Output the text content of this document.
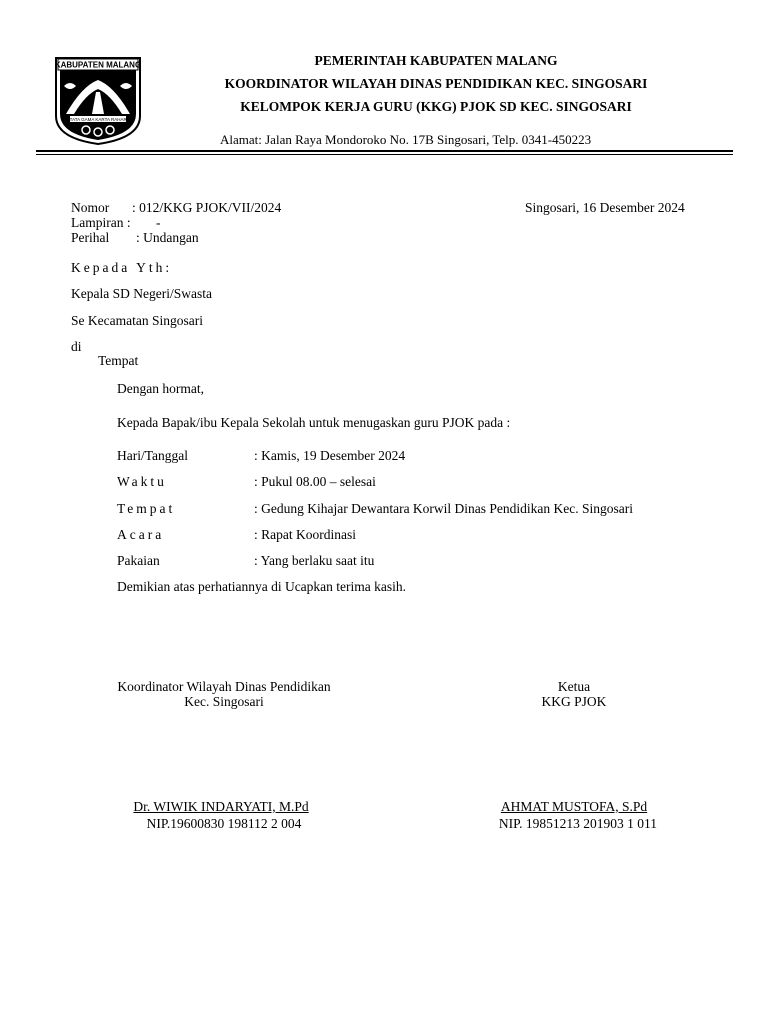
KABUPATEN MALANG
SATATA GAMA KARTA RAHARJA
PEMERINTAH KABUPATEN MALANG
KOORDINATOR WILAYAH DINAS PENDIDIKAN KEC. SINGOSARI
KELOMPOK KERJA GURU (KKG) PJOK SD KEC. SINGOSARI
Alamat: Jalan Raya Mondoroko No. 17B Singosari, Telp. 0341-450223
Nomor : 012/KKG PJOK/VII/2024
Lampiran : -
Perihal : Undangan
Singosari, 16 Desember 2024
Kepada Yth:
Kepala SD Negeri/Swasta
Se Kecamatan Singosari
di
Tempat
Dengan hormat,
Kepada Bapak/ibu Kepala Sekolah untuk menugaskan guru PJOK pada :
Hari/Tanggal	: Kamis, 19 Desember 2024
Waktu	: Pukul 08.00 – selesai
Tempat	: Gedung Kihajar Dewantara Korwil Dinas Pendidikan Kec. Singosari
Acara	: Rapat Koordinasi
Pakaian	: Yang berlaku saat itu
Demikian atas perhatiannya di Ucapkan terima kasih.
Koordinator Wilayah Dinas Pendidikan
Kec. Singosari
Dr. WIWIK INDARYATI, M.Pd
NIP.19600830 198112 2 004
Ketua
KKG PJOK
AHMAT MUSTOFA, S.Pd
NIP. 19851213 201903 1 011
